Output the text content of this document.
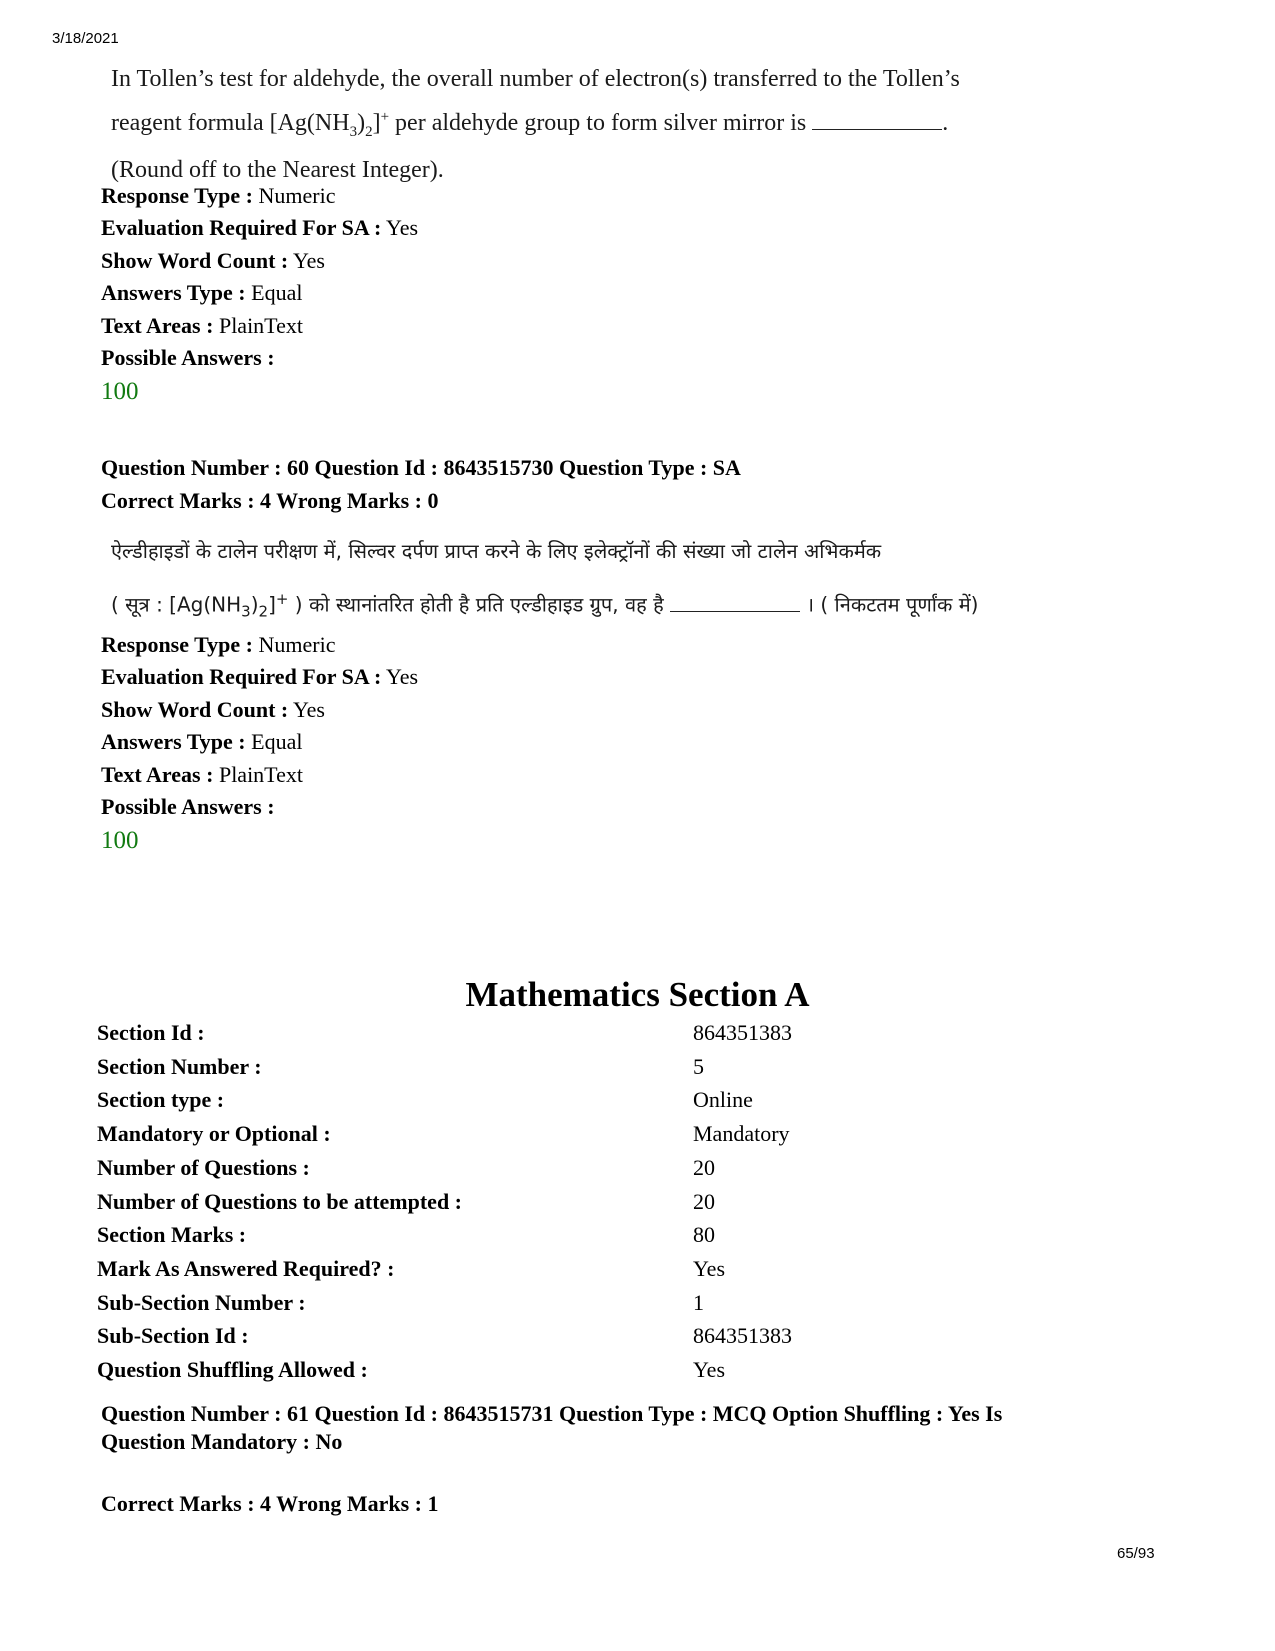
3/18/2021

In Tollen’s test for aldehyde, the overall number of electron(s) transferred to the Tollen’s

reagent formula $[Ag(NH_3)_2]^+$ per aldehyde group to form silver mirror is	.

(Round off to the Nearest Integer).

Response Type : Numeric
Evaluation Required For SA : Yes
Show Word Count : Yes
Answers Type : Equal
Text Areas : PlainText
Possible Answers :
100
Question Number : 60 Question Id : 8643515730 Question Type : SA
Correct Marks : 4 Wrong Marks : 0

ऐल्डीहाइडों के टालेन परीक्षण में, सिल्वर दर्पण प्राप्त करने के लिए इलेक्ट्रॉनों की संख्या जो टालेन अभिकर्मक

( सूत्र : $[Ag(NH_3)_2]^+$ ) को स्थानांतरित होती है प्रति एल्डीहाइड ग्रुप, वह है	। ( निकटतम पूर्णांक में)

Response Type : Numeric
Evaluation Required For SA : Yes
Show Word Count : Yes
Answers Type : Equal
Text Areas : PlainText
Possible Answers :
100
Mathematics Section A
Section Id :	864351383
Section Number :	5
Section type :	Online
Mandatory or Optional :	Mandatory
Number of Questions :	20
Number of Questions to be attempted :	20
Section Marks :	80
Mark As Answered Required? :	Yes
Sub-Section Number :	1
Sub-Section Id :	864351383
Question Shuffling Allowed :	Yes
Question Number : 61 Question Id : 8643515731 Question Type : MCQ Option Shuffling : Yes Is
Question Mandatory : No
Correct Marks : 4 Wrong Marks : 1
65/93
